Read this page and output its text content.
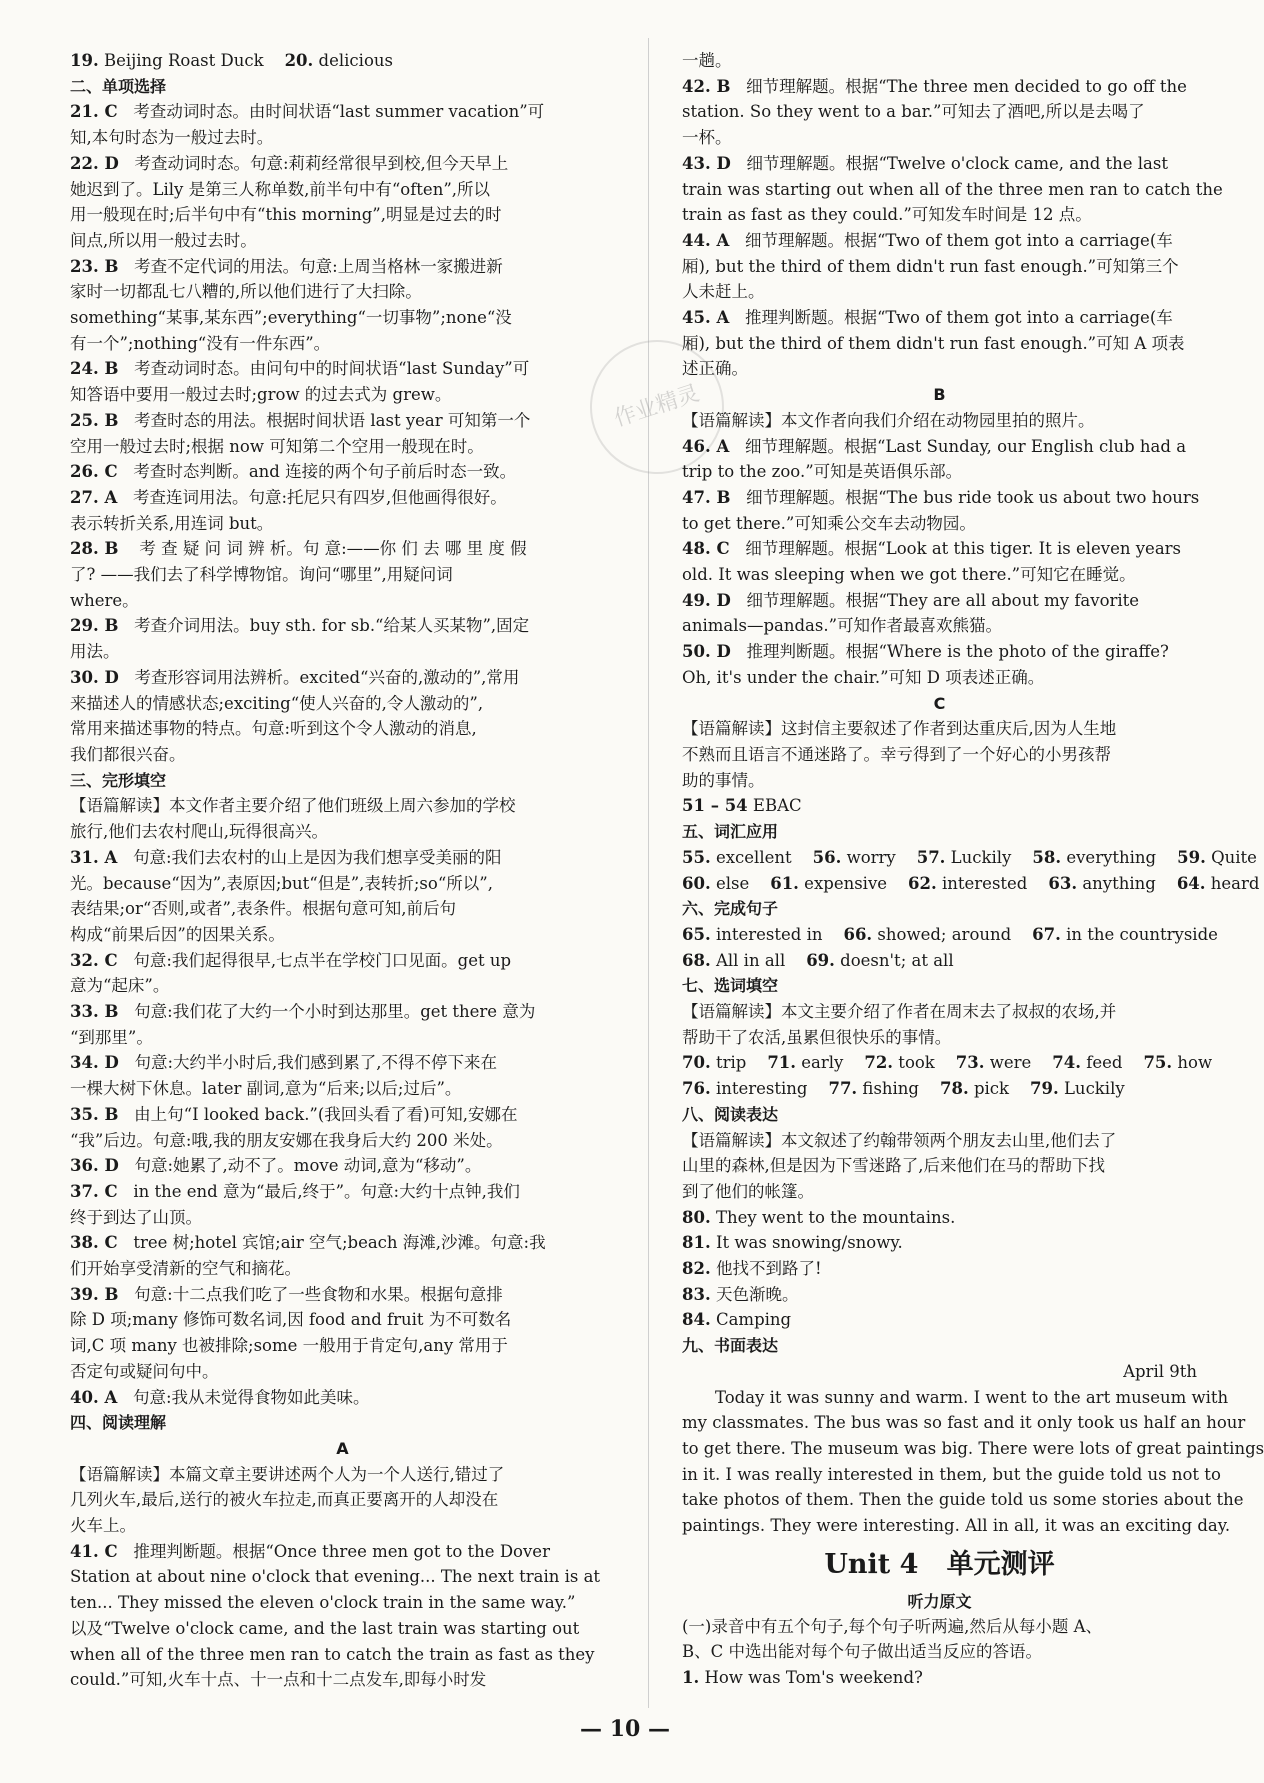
作业精灵
19. Beijing Roast Duck    20. delicious
二、单项选择
21. C   考查动词时态。由时间状语“last summer vacation”可
知,本句时态为一般过去时。
22. D   考查动词时态。句意:莉莉经常很早到校,但今天早上
她迟到了。Lily 是第三人称单数,前半句中有“often”,所以
用一般现在时;后半句中有“this morning”,明显是过去的时
间点,所以用一般过去时。
23. B   考查不定代词的用法。句意:上周当格林一家搬进新
家时一切都乱七八糟的,所以他们进行了大扫除。
something“某事,某东西”;everything“一切事物”;none“没
有一个”;nothing“没有一件东西”。
24. B   考查动词时态。由问句中的时间状语“last Sunday”可
知答语中要用一般过去时;grow 的过去式为 grew。
25. B   考查时态的用法。根据时间状语 last year 可知第一个
空用一般过去时;根据 now 可知第二个空用一般现在时。
26. C   考查时态判断。and 连接的两个句子前后时态一致。
27. A   考查连词用法。句意:托尼只有四岁,但他画得很好。
表示转折关系,用连词 but。
28. B    考 查 疑 问 词 辨 析。句 意:——你 们 去 哪 里 度 假
了? ——我们去了科学博物馆。询问“哪里”,用疑问词
where。
29. B   考查介词用法。buy sth. for sb.“给某人买某物”,固定
用法。
30. D   考查形容词用法辨析。excited“兴奋的,激动的”,常用
来描述人的情感状态;exciting“使人兴奋的,令人激动的”,
常用来描述事物的特点。句意:听到这个令人激动的消息,
我们都很兴奋。
三、完形填空
【语篇解读】本文作者主要介绍了他们班级上周六参加的学校
旅行,他们去农村爬山,玩得很高兴。
31. A   句意:我们去农村的山上是因为我们想享受美丽的阳
光。because“因为”,表原因;but“但是”,表转折;so“所以”,
表结果;or“否则,或者”,表条件。根据句意可知,前后句
构成“前果后因”的因果关系。
32. C   句意:我们起得很早,七点半在学校门口见面。get up
意为“起床”。
33. B   句意:我们花了大约一个小时到达那里。get there 意为
“到那里”。
34. D   句意:大约半小时后,我们感到累了,不得不停下来在
一棵大树下休息。later 副词,意为“后来;以后;过后”。
35. B   由上句“I looked back.”(我回头看了看)可知,安娜在
“我”后边。句意:哦,我的朋友安娜在我身后大约 200 米处。
36. D   句意:她累了,动不了。move 动词,意为“移动”。
37. C   in the end 意为“最后,终于”。句意:大约十点钟,我们
终于到达了山顶。
38. C   tree 树;hotel 宾馆;air 空气;beach 海滩,沙滩。句意:我
们开始享受清新的空气和摘花。
39. B   句意:十二点我们吃了一些食物和水果。根据句意排
除 D 项;many 修饰可数名词,因 food and fruit 为不可数名
词,C 项 many 也被排除;some 一般用于肯定句,any 常用于
否定句或疑问句中。
40. A   句意:我从未觉得食物如此美味。
四、阅读理解
A
【语篇解读】本篇文章主要讲述两个人为一个人送行,错过了
几列火车,最后,送行的被火车拉走,而真正要离开的人却没在
火车上。
41. C   推理判断题。根据“Once three men got to the Dover
Station at about nine o'clock that evening... The next train is at
ten... They missed the eleven o'clock train in the same way.”
以及“Twelve o'clock came, and the last train was starting out
when all of the three men ran to catch the train as fast as they
could.”可知,火车十点、十一点和十二点发车,即每小时发
一趟。
42. B   细节理解题。根据“The three men decided to go off the
station. So they went to a bar.”可知去了酒吧,所以是去喝了
一杯。
43. D   细节理解题。根据“Twelve o'clock came, and the last
train was starting out when all of the three men ran to catch the
train as fast as they could.”可知发车时间是 12 点。
44. A   细节理解题。根据“Two of them got into a carriage(车
厢), but the third of them didn't run fast enough.”可知第三个
人未赶上。
45. A   推理判断题。根据“Two of them got into a carriage(车
厢), but the third of them didn't run fast enough.”可知 A 项表
述正确。
B
【语篇解读】本文作者向我们介绍在动物园里拍的照片。
46. A   细节理解题。根据“Last Sunday, our English club had a
trip to the zoo.”可知是英语俱乐部。
47. B   细节理解题。根据“The bus ride took us about two hours
to get there.”可知乘公交车去动物园。
48. C   细节理解题。根据“Look at this tiger. It is eleven years
old. It was sleeping when we got there.”可知它在睡觉。
49. D   细节理解题。根据“They are all about my favorite
animals—pandas.”可知作者最喜欢熊猫。
50. D   推理判断题。根据“Where is the photo of the giraffe?
Oh, it's under the chair.”可知 D 项表述正确。
C
【语篇解读】这封信主要叙述了作者到达重庆后,因为人生地
不熟而且语言不通迷路了。幸亏得到了一个好心的小男孩帮
助的事情。
51 – 54 EBAC
五、词汇应用
55. excellent    56. worry    57. Luckily    58. everything    59. Quite
60. else    61. expensive    62. interested    63. anything    64. heard
六、完成句子
65. interested in    66. showed; around    67. in the countryside
68. All in all    69. doesn't; at all
七、选词填空
【语篇解读】本文主要介绍了作者在周末去了叔叔的农场,并
帮助干了农活,虽累但很快乐的事情。
70. trip    71. early    72. took    73. were    74. feed    75. how
76. interesting    77. fishing    78. pick    79. Luckily
八、阅读表达
【语篇解读】本文叙述了约翰带领两个朋友去山里,他们去了
山里的森林,但是因为下雪迷路了,后来他们在马的帮助下找
到了他们的帐篷。
80. They went to the mountains.
81. It was snowing/snowy.
82. 他找不到路了!
83. 天色渐晚。
84. Camping
九、书面表达
April 9th
Today it was sunny and warm. I went to the art museum with
my classmates. The bus was so fast and it only took us half an hour
to get there. The museum was big. There were lots of great paintings
in it. I was really interested in them, but the guide told us not to
take photos of them. Then the guide told us some stories about the
paintings. They were interesting. All in all, it was an exciting day.
Unit 4   单元测评
听力原文
(一)录音中有五个句子,每个句子听两遍,然后从每小题 A、
B、C 中选出能对每个句子做出适当反应的答语。
1. How was Tom's weekend?
— 10 —
